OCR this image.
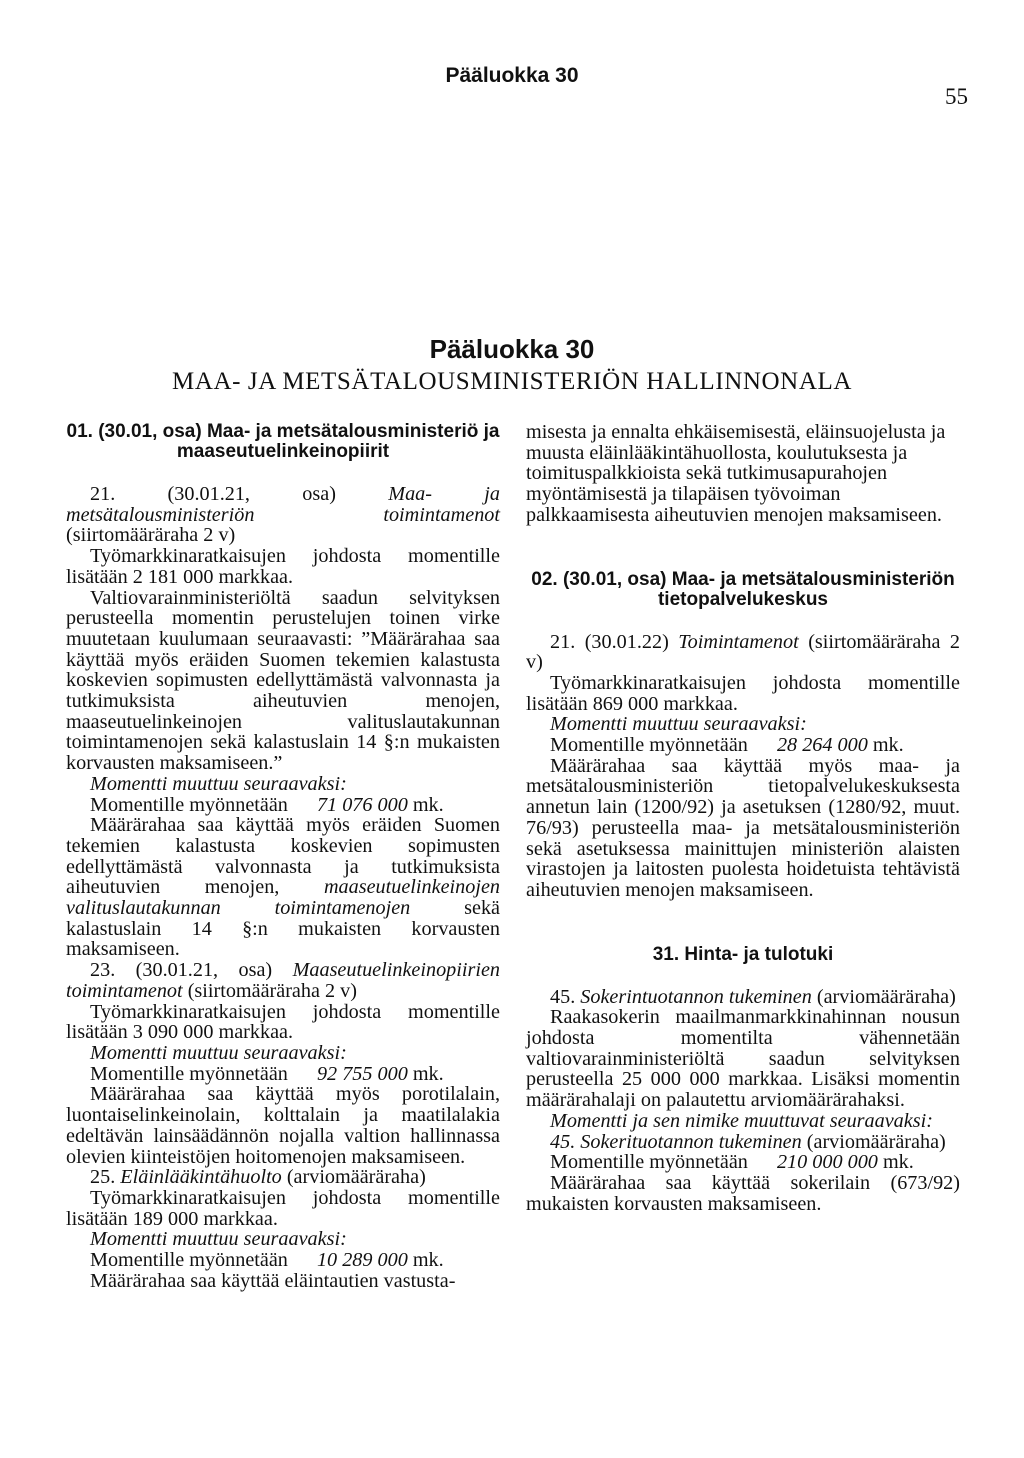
Pääluokka 30
55
Pääluokka 30
MAA- JA METSÄTALOUSMINISTERIÖN HALLINNONALA

01. (30.01, osa) Maa- ja metsätalousministeriö ja maaseutuelinkeinopiirit

21. (30.01.21, osa)	Maa- ja metsätalousministeriön toimintamenot (siirtomääräraha 2 v)

Työmarkkinaratkaisujen johdosta momentille lisätään 2 181 000 markkaa.

Valtiovarainministeriöltä saadun selvityksen perusteella momentin perustelujen toinen virke muutetaan kuulumaan seuraavasti: ”Määrärahaa saa käyttää myös eräiden Suomen tekemien kalastusta koskevien sopimusten edellyttämästä valvonnasta ja tutkimuksista aiheutuvien menojen, maaseutuelinkeinojen valituslautakunnan toimintamenojen sekä kalastuslain 14 §:n mukaisten korvausten maksamiseen.”

Momentti muuttuu seuraavaksi:

Momentille myönnetään 71 076 000 mk.

Määrärahaa saa käyttää myös eräiden Suomen tekemien kalastusta koskevien sopimusten edellyttämästä valvonnasta ja tutkimuksista aiheutuvien menojen, maaseutuelinkeinojen valituslautakunnan toimintamenojen	sekä kalastuslain 14 §:n mukaisten korvausten maksamiseen.

23. (30.01.21, osa) Maaseutuelinkeinopiirien toimintamenot (siirtomääräraha 2 v)

Työmarkkinaratkaisujen johdosta momentille lisätään 3 090 000 markkaa.

Momentti muuttuu seuraavaksi:

Momentille myönnetään 92 755 000 mk.

Määrärahaa saa käyttää myös porotilalain, luontaiselinkeinolain, kolttalain ja maatilalakia edeltävän lainsäädännön nojalla valtion hallinnassa olevien kiinteistöjen hoitomenojen maksamiseen.

25. Eläinlääkintähuolto (arviomääräraha)

Työmarkkinaratkaisujen johdosta momentille lisätään 189 000 markkaa.

Momentti muuttuu seuraavaksi:

Momentille myönnetään 10 289 000 mk.

Määrärahaa saa käyttää eläintautien vastusta-

misesta ja ennalta ehkäisemisestä, eläinsuojelusta ja muusta eläinlääkintähuollosta, koulutuksesta ja toimituspalkkioista sekä tutkimusapurahojen myöntämisestä ja tilapäisen työvoiman palkkaamisesta aiheutuvien menojen maksamiseen.

02. (30.01, osa) Maa- ja metsätalousministeriön tietopalvelukeskus

21. (30.01.22) Toimintamenot (siirtomääräraha 2 v)

Työmarkkinaratkaisujen johdosta momentille lisätään 869 000 markkaa.

Momentti muuttuu seuraavaksi:

Momentille myönnetään 28 264 000 mk.

Määrärahaa saa käyttää myös maa- ja metsätalousministeriön tietopalvelukeskuksesta annetun lain (1200/92) ja asetuksen (1280/92, muut. 76/93) perusteella maa- ja metsätalousministeriön sekä asetuksessa mainittujen ministeriön alaisten virastojen ja laitosten puolesta hoidetuista tehtävistä aiheutuvien menojen maksamiseen.

31. Hinta- ja tulotuki

45. Sokerintuotannon tukeminen (arviomääräraha)

Raakasokerin maailmanmarkkinahinnan nousun johdosta momentilta vähennetään valtiovarainministeriöltä saadun selvityksen perusteella 25 000 000 markkaa. Lisäksi momentin määrärahalaji on palautettu arviomäärärahaksi.

Momentti ja sen nimike muuttuvat seuraavaksi:

45. Sokerituotannon tukeminen (arviomääräraha)

Momentille myönnetään 210 000 000 mk.

Määrärahaa saa käyttää sokerilain (673/92) mukaisten korvausten maksamiseen.
